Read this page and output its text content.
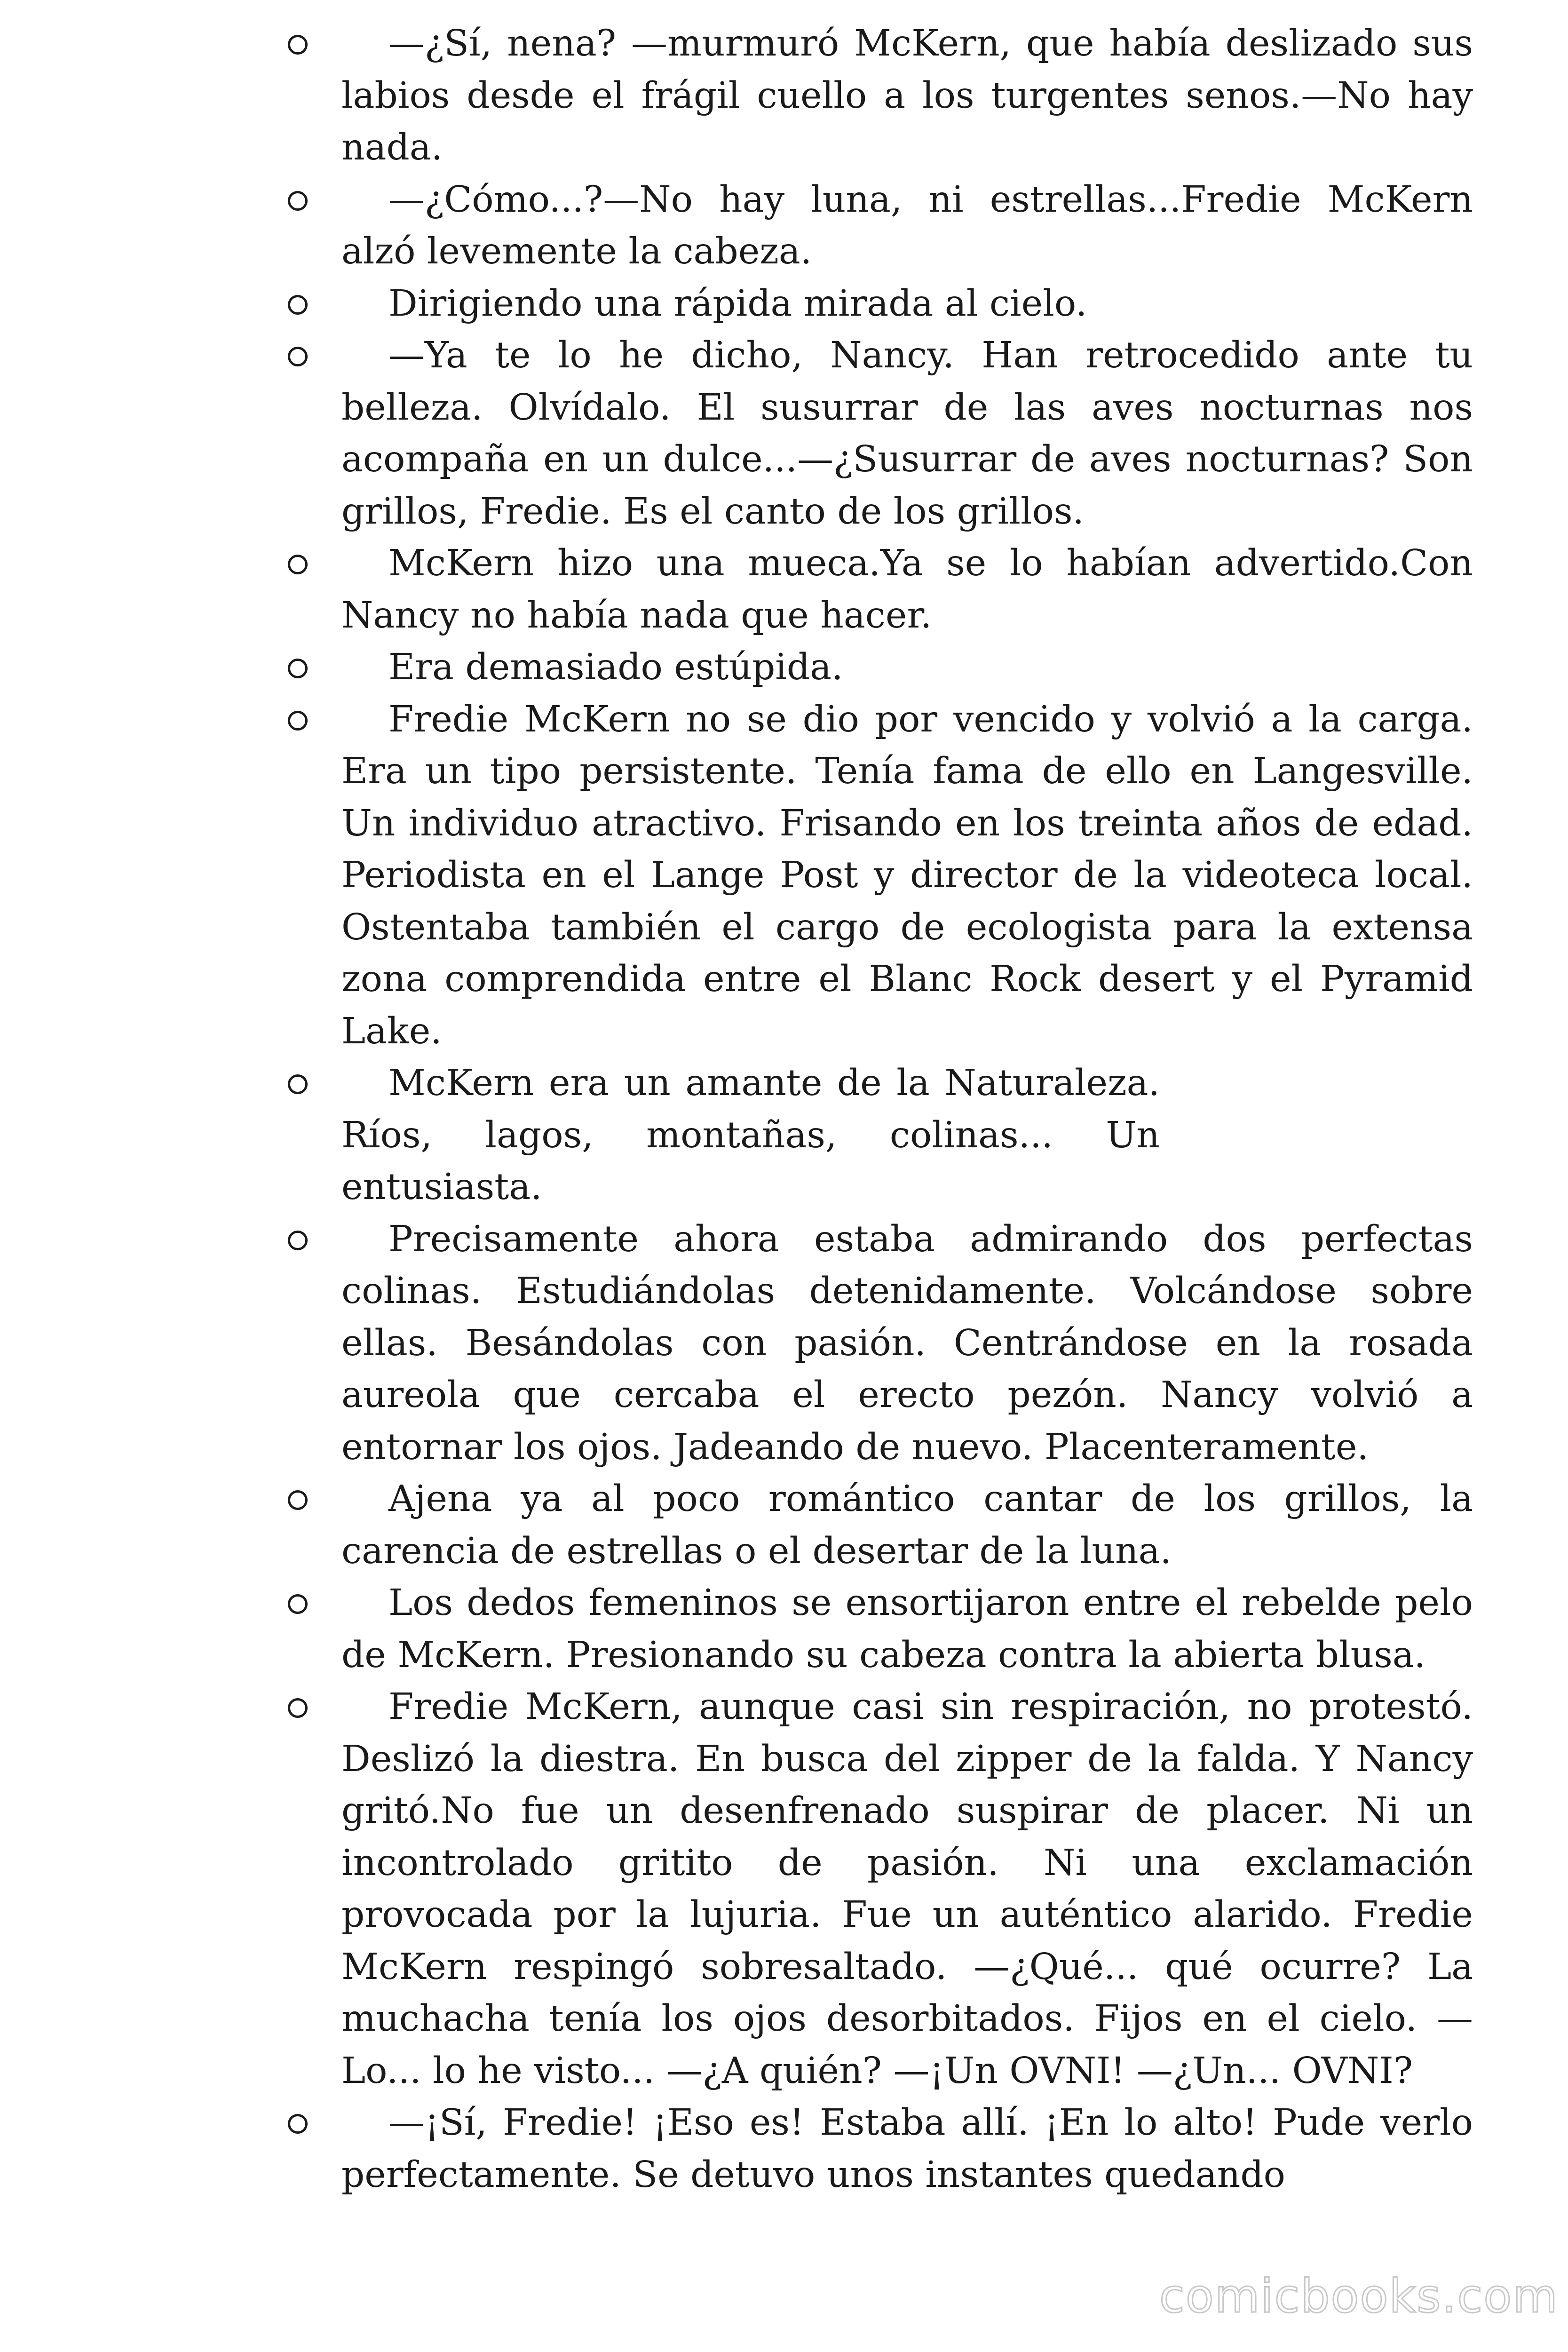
—¿Sí, nena? —murmuró McKern, que había deslizado sus labios desde el frágil cuello a los turgentes senos.—No hay nada.
—¿Cómo...?—No hay luna, ni estrellas...Fredie McKern alzó levemente la cabeza.
Dirigiendo una rápida mirada al cielo.
—Ya te lo he dicho, Nancy. Han retrocedido ante tu belleza. Olvídalo. El susurrar de las aves nocturnas nos acompaña en un dulce...—¿Susurrar de aves nocturnas? Son grillos, Fredie. Es el canto de los grillos.
McKern hizo una mueca.Ya se lo habían advertido.Con Nancy no había nada que hacer.
Era demasiado estúpida.
Fredie McKern no se dio por vencido y volvió a la carga. Era un tipo persistente. Tenía fama de ello en Langesville. Un individuo atractivo. Frisando en los treinta años de edad. Periodista en el Lange Post y director de la videoteca local. Ostentaba también el cargo de ecologista para la extensa zona comprendida entre el Blanc Rock desert y el Pyramid Lake.
McKern era un amante de la Naturaleza. Ríos, lagos, montañas, colinas... Un entusiasta.
Precisamente ahora estaba admirando dos perfectas colinas. Estudiándolas detenidamente. Volcándose sobre ellas. Besándolas con pasión. Centrándose en la rosada aureola que cercaba el erecto pezón. Nancy volvió a entornar los ojos. Jadeando de nuevo. Placenteramente.
Ajena ya al poco romántico cantar de los grillos, la carencia de estrellas o el desertar de la luna.
Los dedos femeninos se ensortijaron entre el rebelde pelo de McKern. Presionando su cabeza contra la abierta blusa.
Fredie McKern, aunque casi sin respiración, no protestó. Deslizó la diestra. En busca del zipper de la falda. Y Nancy gritó.No fue un desenfrenado suspirar de placer. Ni un incontrolado gritito de pasión. Ni una exclamación provocada por la lujuria. Fue un auténtico alarido. Fredie McKern respingó sobresaltado. —¿Qué... qué ocurre? La muchacha tenía los ojos desorbitados. Fijos en el cielo. —Lo... lo he visto... —¿A quién? —¡Un OVNI! —¿Un... OVNI?
—¡Sí, Fredie! ¡Eso es! Estaba allí. ¡En lo alto! Pude verlo perfectamente. Se detuvo unos instantes quedando
comicbooks.com
